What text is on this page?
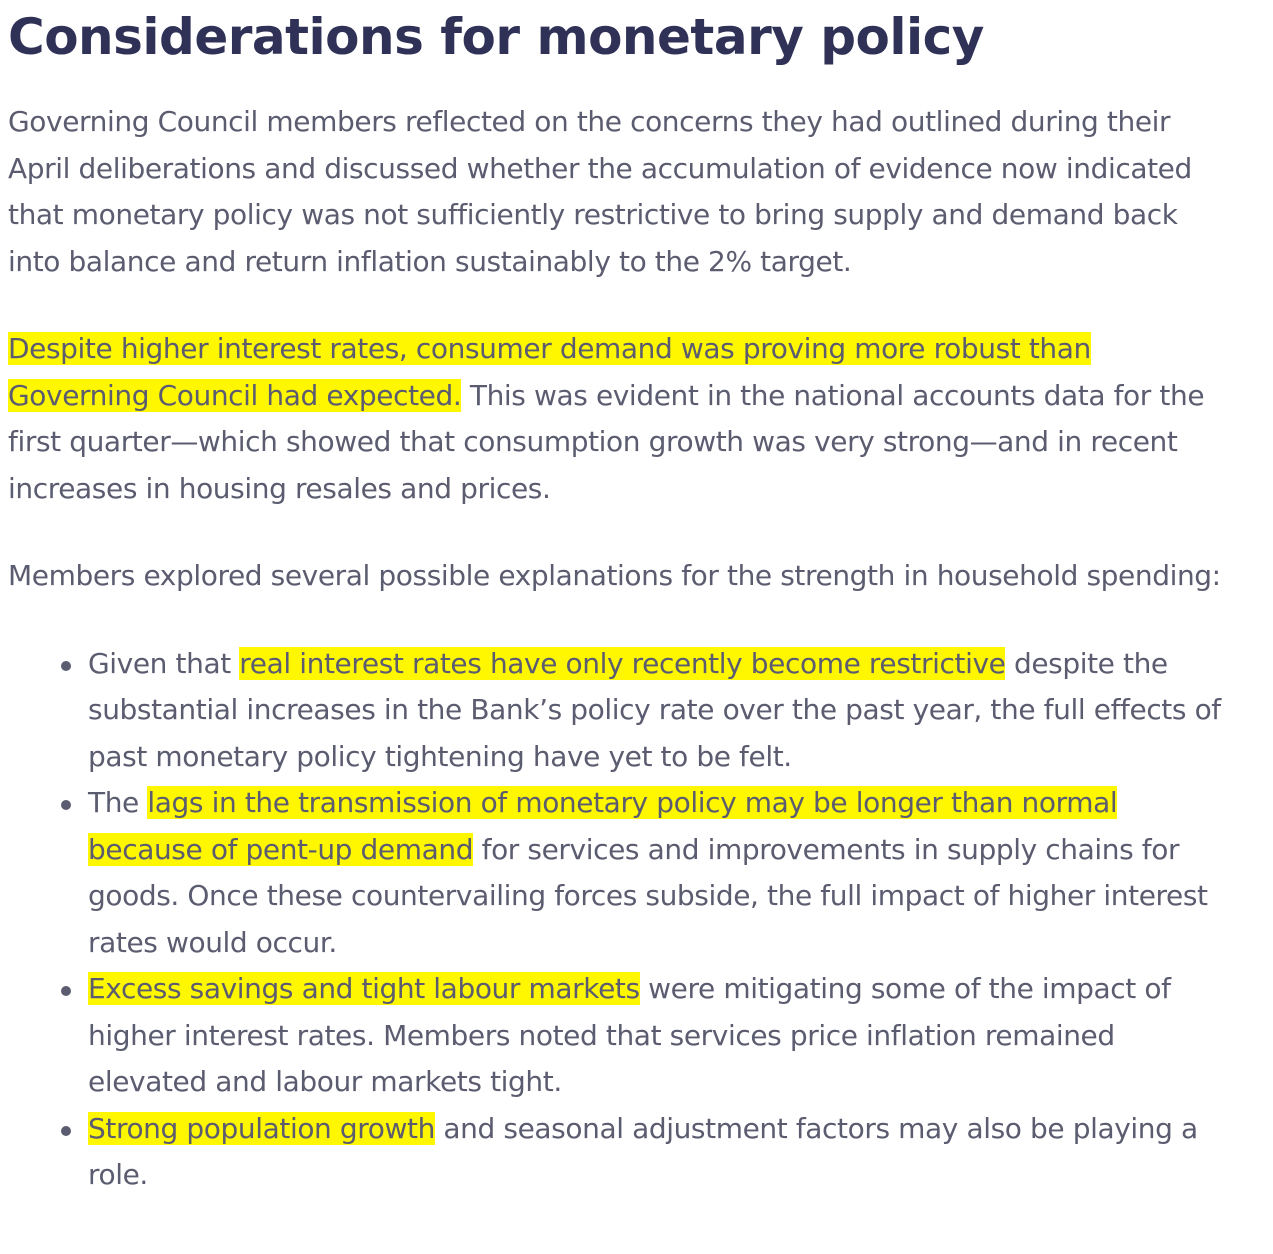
Considerations for monetary policy

Governing Council members reflected on the concerns they had outlined during their April deliberations and discussed whether the accumulation of evidence now indicated that monetary policy was not sufficiently restrictive to bring supply and demand back into balance and return inflation sustainably to the 2% target.

Despite higher interest rates, consumer demand was proving more robust than Governing Council had expected. This was evident in the national accounts data for the first quarter—which showed that consumption growth was very strong—and in recent increases in housing resales and prices.

Members explored several possible explanations for the strength in household spending:

Given that real interest rates have only recently become restrictive despite the substantial increases in the Bank’s policy rate over the past year, the full effects of past monetary policy tightening have yet to be felt.
The lags in the transmission of monetary policy may be longer than normal because of pent-up demand for services and improvements in supply chains for goods. Once these countervailing forces subside, the full impact of higher interest rates would occur.
Excess savings and tight labour markets were mitigating some of the impact of higher interest rates. Members noted that services price inflation remained elevated and labour markets tight.
Strong population growth and seasonal adjustment factors may also be playing a role.
